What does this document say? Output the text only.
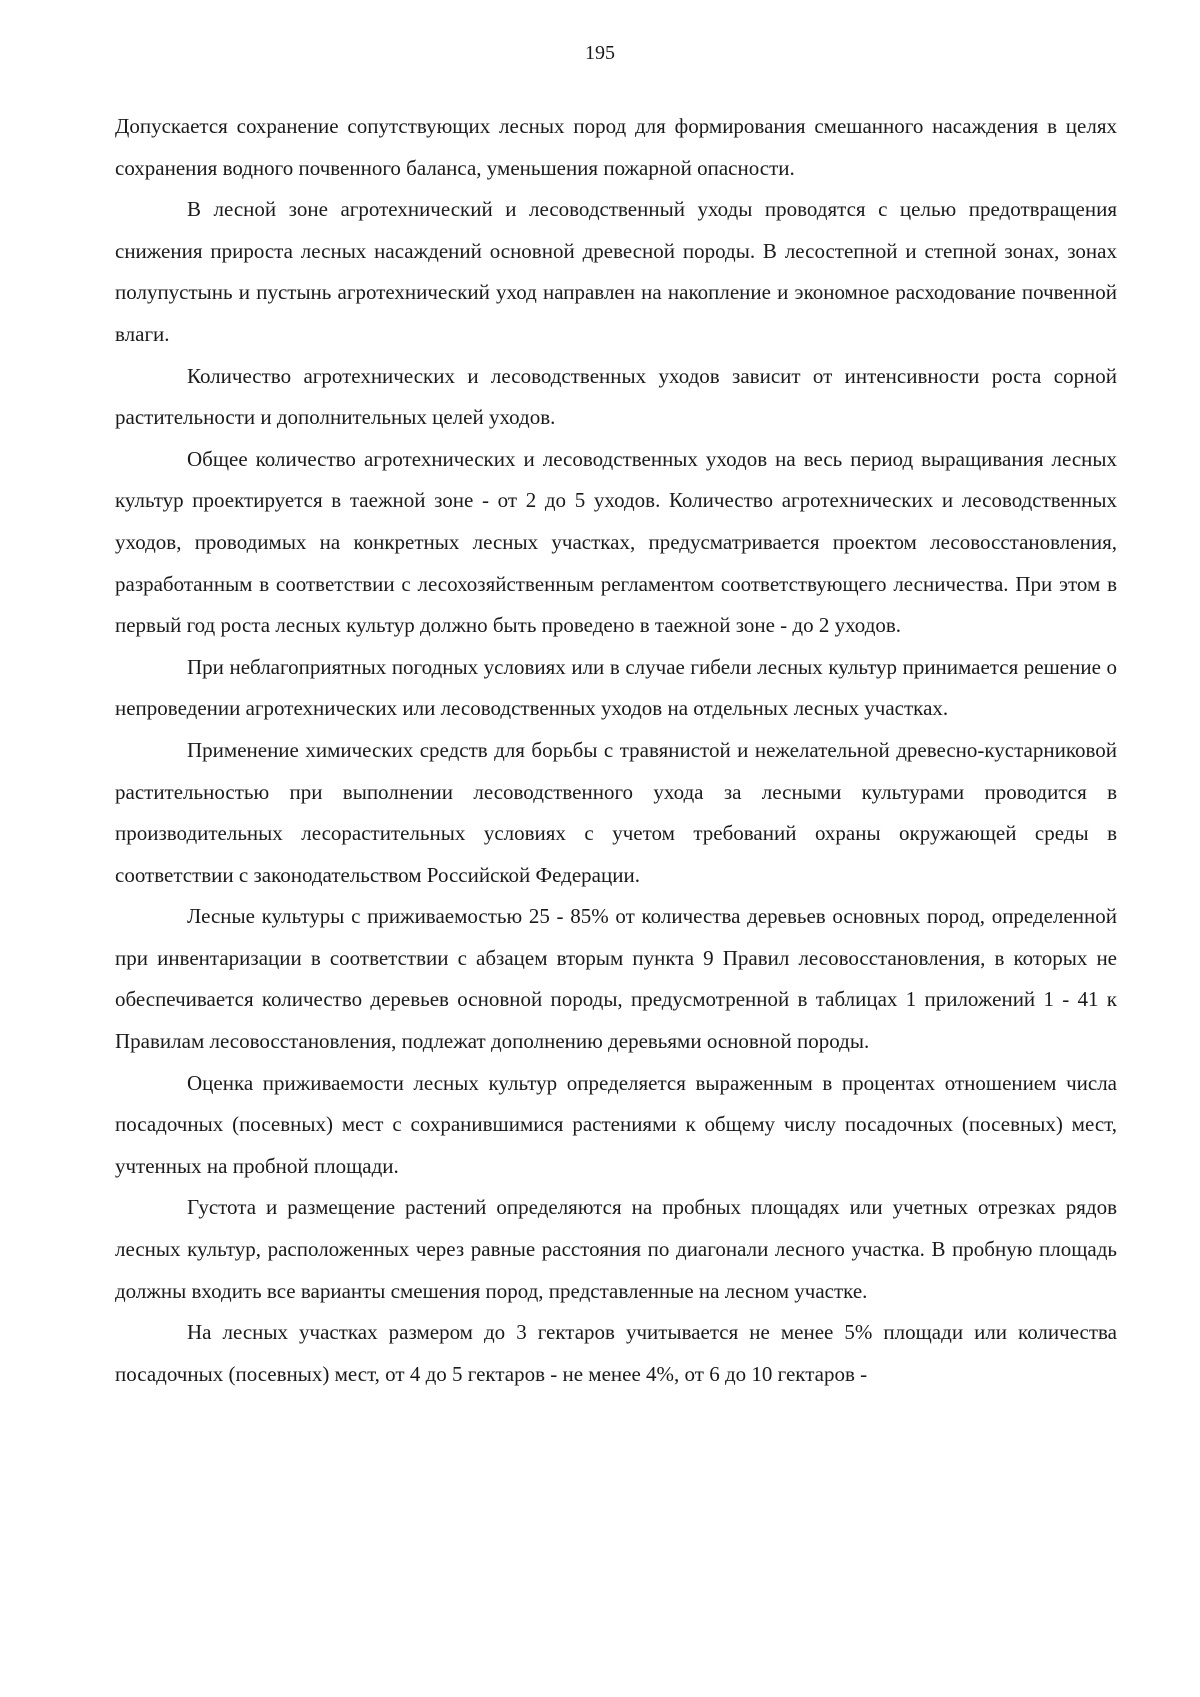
195

Допускается сохранение сопутствующих лесных пород для формирования смешанного насаждения в целях сохранения водного почвенного баланса, уменьшения пожарной опасности.

В лесной зоне агротехнический и лесоводственный уходы проводятся с целью предотвращения снижения прироста лесных насаждений основной древесной породы. В лесостепной и степной зонах, зонах полупустынь и пустынь агротехнический уход направлен на накопление и экономное расходование почвенной влаги.

Количество агротехнических и лесоводственных уходов зависит от интенсивности роста сорной растительности и дополнительных целей уходов.

Общее количество агротехнических и лесоводственных уходов на весь период выращивания лесных культур проектируется в таежной зоне - от 2 до 5 уходов. Количество агротехнических и лесоводственных уходов, проводимых на конкретных лесных участках, предусматривается проектом лесовосстановления, разработанным в соответствии с лесохозяйственным регламентом соответствующего лесничества. При этом в первый год роста лесных культур должно быть проведено в таежной зоне - до 2 уходов.

При неблагоприятных погодных условиях или в случае гибели лесных культур принимается решение о непроведении агротехнических или лесоводственных уходов на отдельных лесных участках.

Применение химических средств для борьбы с травянистой и нежелательной древесно-кустарниковой растительностью при выполнении лесоводственного ухода за лесными культурами проводится в производительных лесорастительных условиях с учетом требований охраны окружающей среды в соответствии с законодательством Российской Федерации.

Лесные культуры с приживаемостью 25 - 85% от количества деревьев основных пород, определенной при инвентаризации в соответствии с абзацем вторым пункта 9 Правил лесовосстановления, в которых не обеспечивается количество деревьев основной породы, предусмотренной в таблицах 1 приложений 1 - 41 к Правилам лесовосстановления, подлежат дополнению деревьями основной породы.

Оценка приживаемости лесных культур определяется выраженным в процентах отношением числа посадочных (посевных) мест с сохранившимися растениями к общему числу посадочных (посевных) мест, учтенных на пробной площади.

Густота и размещение растений определяются на пробных площадях или учетных отрезках рядов лесных культур, расположенных через равные расстояния по диагонали лесного участка. В пробную площадь должны входить все варианты смешения пород, представленные на лесном участке.

На лесных участках размером до 3 гектаров учитывается не менее 5% площади или количества посадочных (посевных) мест, от 4 до 5 гектаров - не менее 4%, от 6 до 10 гектаров -
